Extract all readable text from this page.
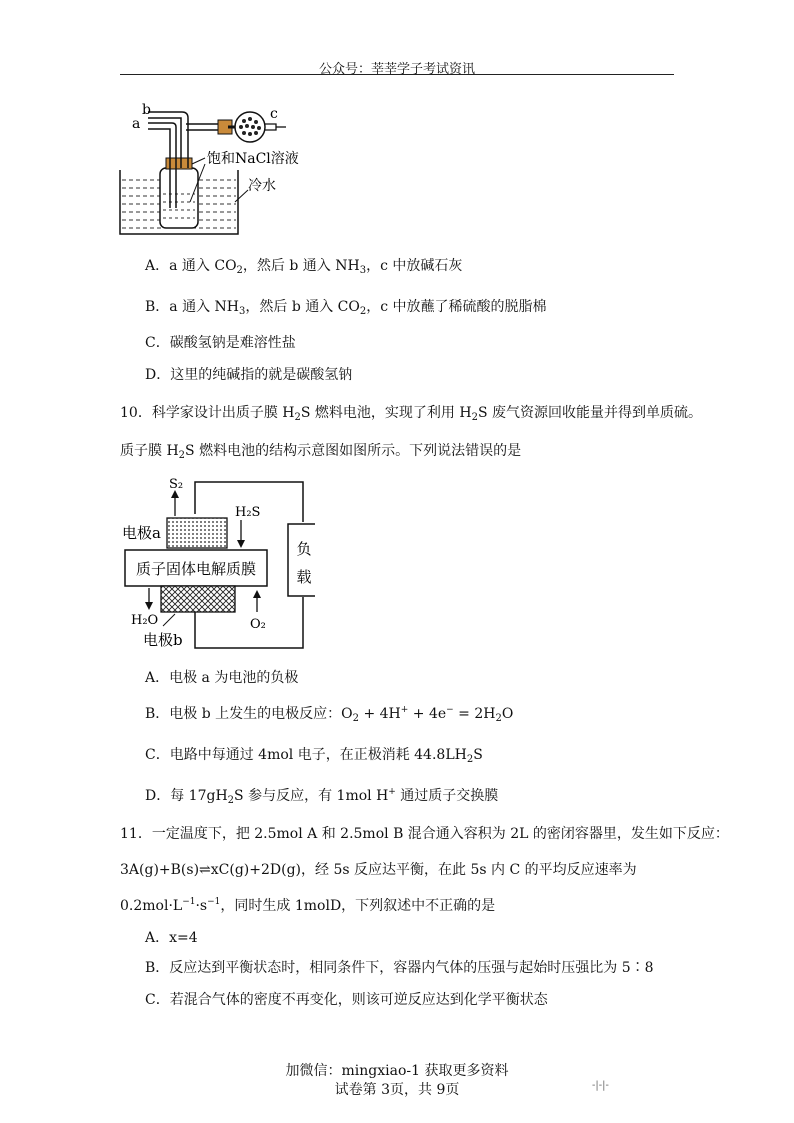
公众号：莘莘学子考试资讯
a
b	c
饱和NaCl溶液
冷水
A．a 通入 $CO_2$，然后 b 通入 $NH_3$，c 中放碱石灰
B．a 通入 $NH_3$，然后 b 通入 $CO_2$，c 中放蘸了稀硫酸的脱脂棉
C．碳酸氢钠是难溶性盐
D．这里的纯碱指的就是碳酸氢钠
10．科学家设计出质子膜 $H_2S$ 燃料电池，实现了利用 $H_2S$ 废气资源回收能量并得到单质硫。
质子膜 $H_2S$ 燃料电池的结构示意图如图所示。下列说法错误的是
负
载
质子固体电解质膜
S₂
H₂S
电极a
H₂O	O₂
电极b
A．电极 a 为电池的负极
B．电极 b 上发生的电极反应：$O_2 + 4H^+ + 4e^- = 2H_2O$
C．电路中每通过 4mol 电子，在正极消耗 $44.8LH_2S$
D．每 $17gH_2S$ 参与反应，有 1mol H+ 通过质子交换膜
11．一定温度下，把 2.5mol A 和 2.5mol B 混合通入容积为 2L 的密闭容器里，发生如下反应：
3A(g)+B(s)⇌xC(g)+2D(g)，经 5s 反应达平衡，在此 5s 内 C 的平均反应速率为
$0.2mol\cdot L^{-1}\cdot s^{-1}$，同时生成 1molD，下列叙述中不正确的是
A．x=4
B．反应达到平衡状态时，相同条件下，容器内气体的压强与起始时压强比为 5∶8
C．若混合气体的密度不再变化，则该可逆反应达到化学平衡状态
加微信：mingxiao-1 获取更多资料
试卷第 3页，共 9页	-|-|-
